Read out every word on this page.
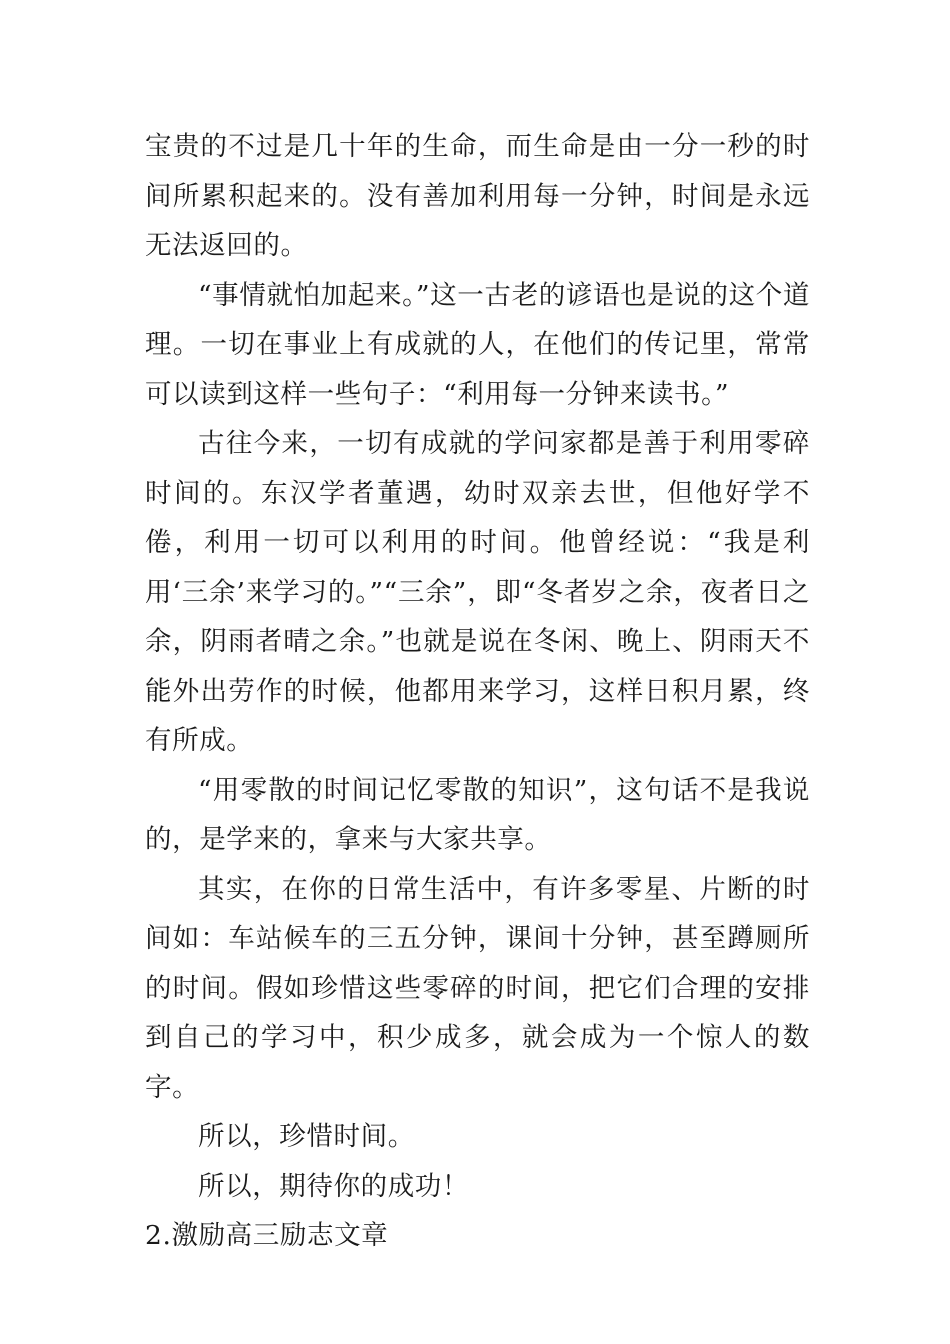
宝贵的不过是几十年的生命，而生命是由一分一秒的时间所累积起来的。没有善加利用每一分钟，时间是永远无法返回的。

“事情就怕加起来。”这一古老的谚语也是说的这个道理。一切在事业上有成就的人，在他们的传记里，常常可以读到这样一些句子：“利用每一分钟来读书。”

古往今来，一切有成就的学问家都是善于利用零碎时间的。东汉学者董遇，幼时双亲去世，但他好学不倦，利用一切可以利用的时间。他曾经说：“我是利用‘三余’来学习的。”“三余”，即“冬者岁之余，夜者日之余，阴雨者晴之余。”也就是说在冬闲、晚上、阴雨天不能外出劳作的时候，他都用来学习，这样日积月累，终有所成。

“用零散的时间记忆零散的知识”，这句话不是我说的，是学来的，拿来与大家共享。

其实，在你的日常生活中，有许多零星、片断的时间如：车站候车的三五分钟，课间十分钟，甚至蹲厕所的时间。假如珍惜这些零碎的时间，把它们合理的安排到自己的学习中，积少成多，就会成为一个惊人的数字。

所以，珍惜时间。

所以，期待你的成功！

2.激励高三励志文章
